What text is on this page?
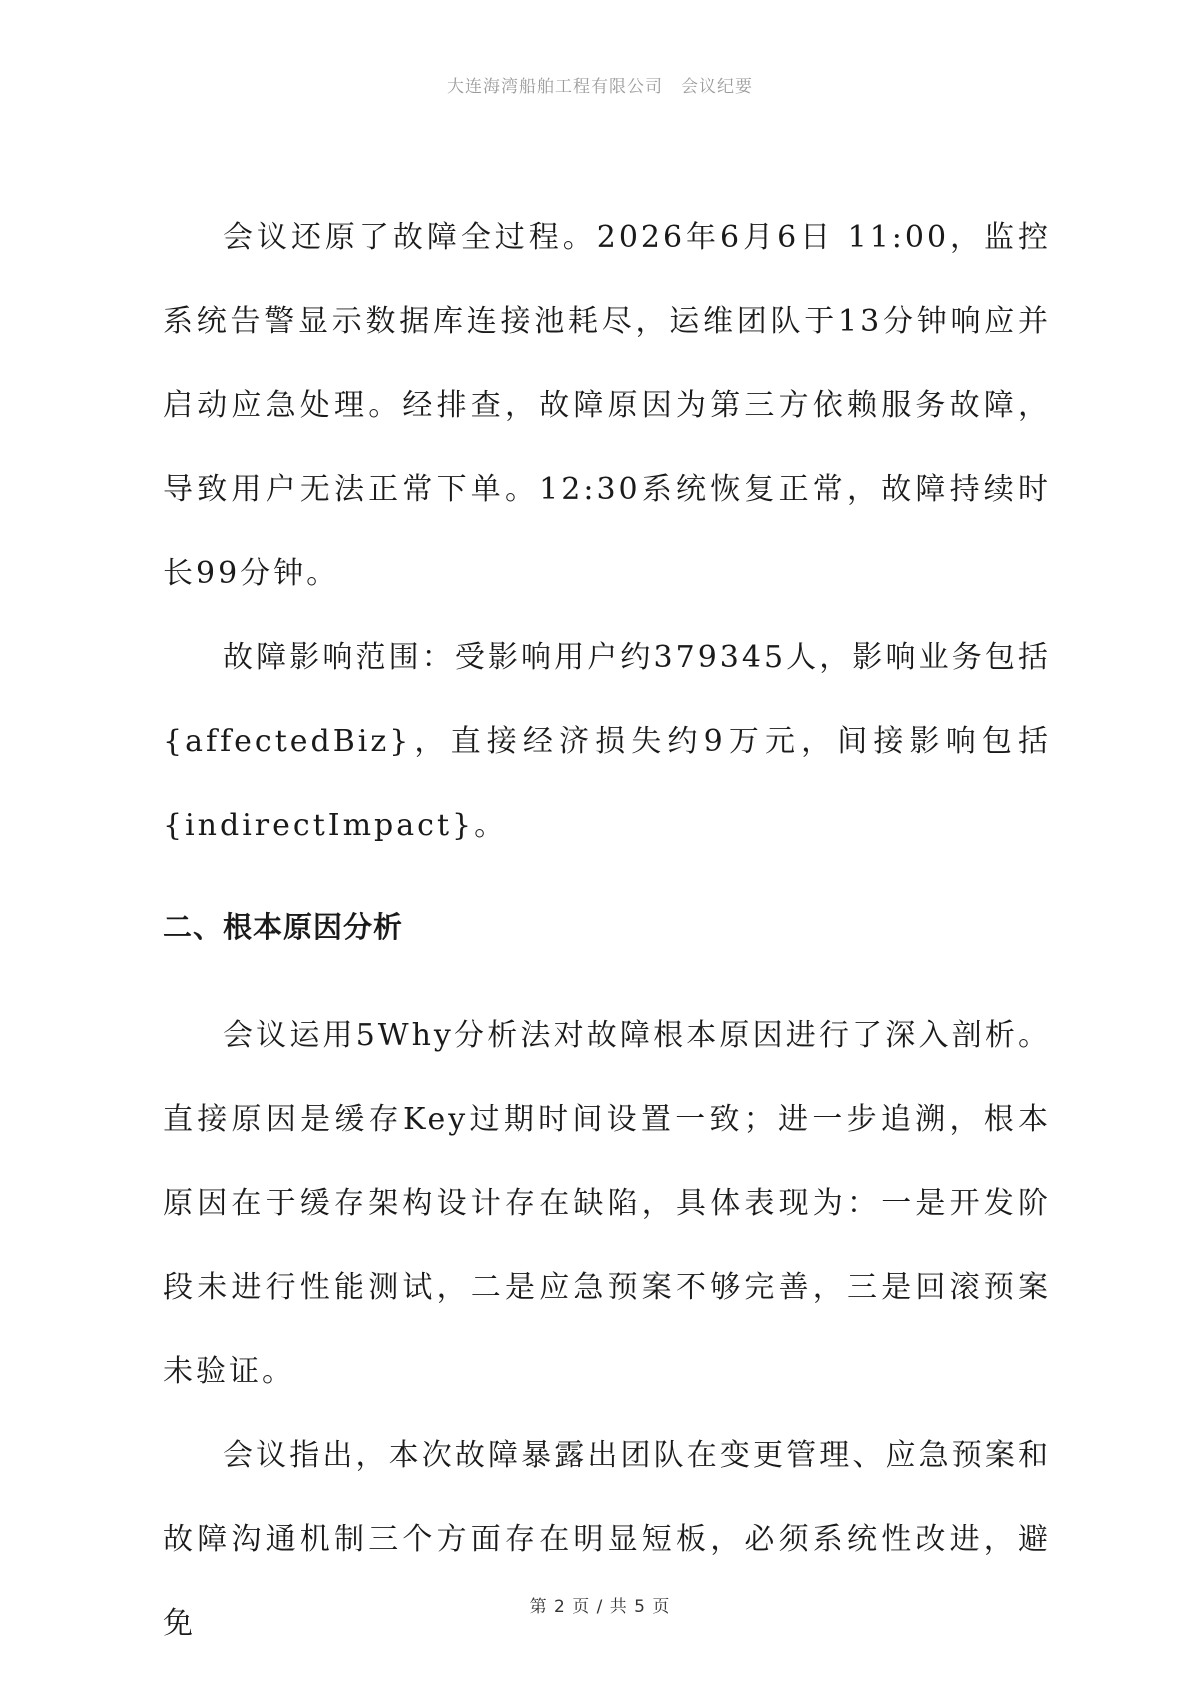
大连海湾船舶工程有限公司 会议纪要

会议还原了故障全过程。2026年6月6日 11:00，监控系统告警显示数据库连接池耗尽，运维团队于13分钟响应并启动应急处理。经排查，故障原因为第三方依赖服务故障，导致用户无法正常下单。12:30系统恢复正常，故障持续时长99分钟。

故障影响范围：受影响用户约379345人，影响业务包括{affectedBiz}，直接经济损失约9万元，间接影响包括{indirectImpact}。

二、根本原因分析

会议运用5Why分析法对故障根本原因进行了深入剖析。直接原因是缓存Key过期时间设置一致；进一步追溯，根本原因在于缓存架构设计存在缺陷，具体表现为：一是开发阶段未进行性能测试，二是应急预案不够完善，三是回滚预案未验证。

会议指出，本次故障暴露出团队在变更管理、应急预案和故障沟通机制三个方面存在明显短板，必须系统性改进，避免	第 2 页 / 共 5 页
